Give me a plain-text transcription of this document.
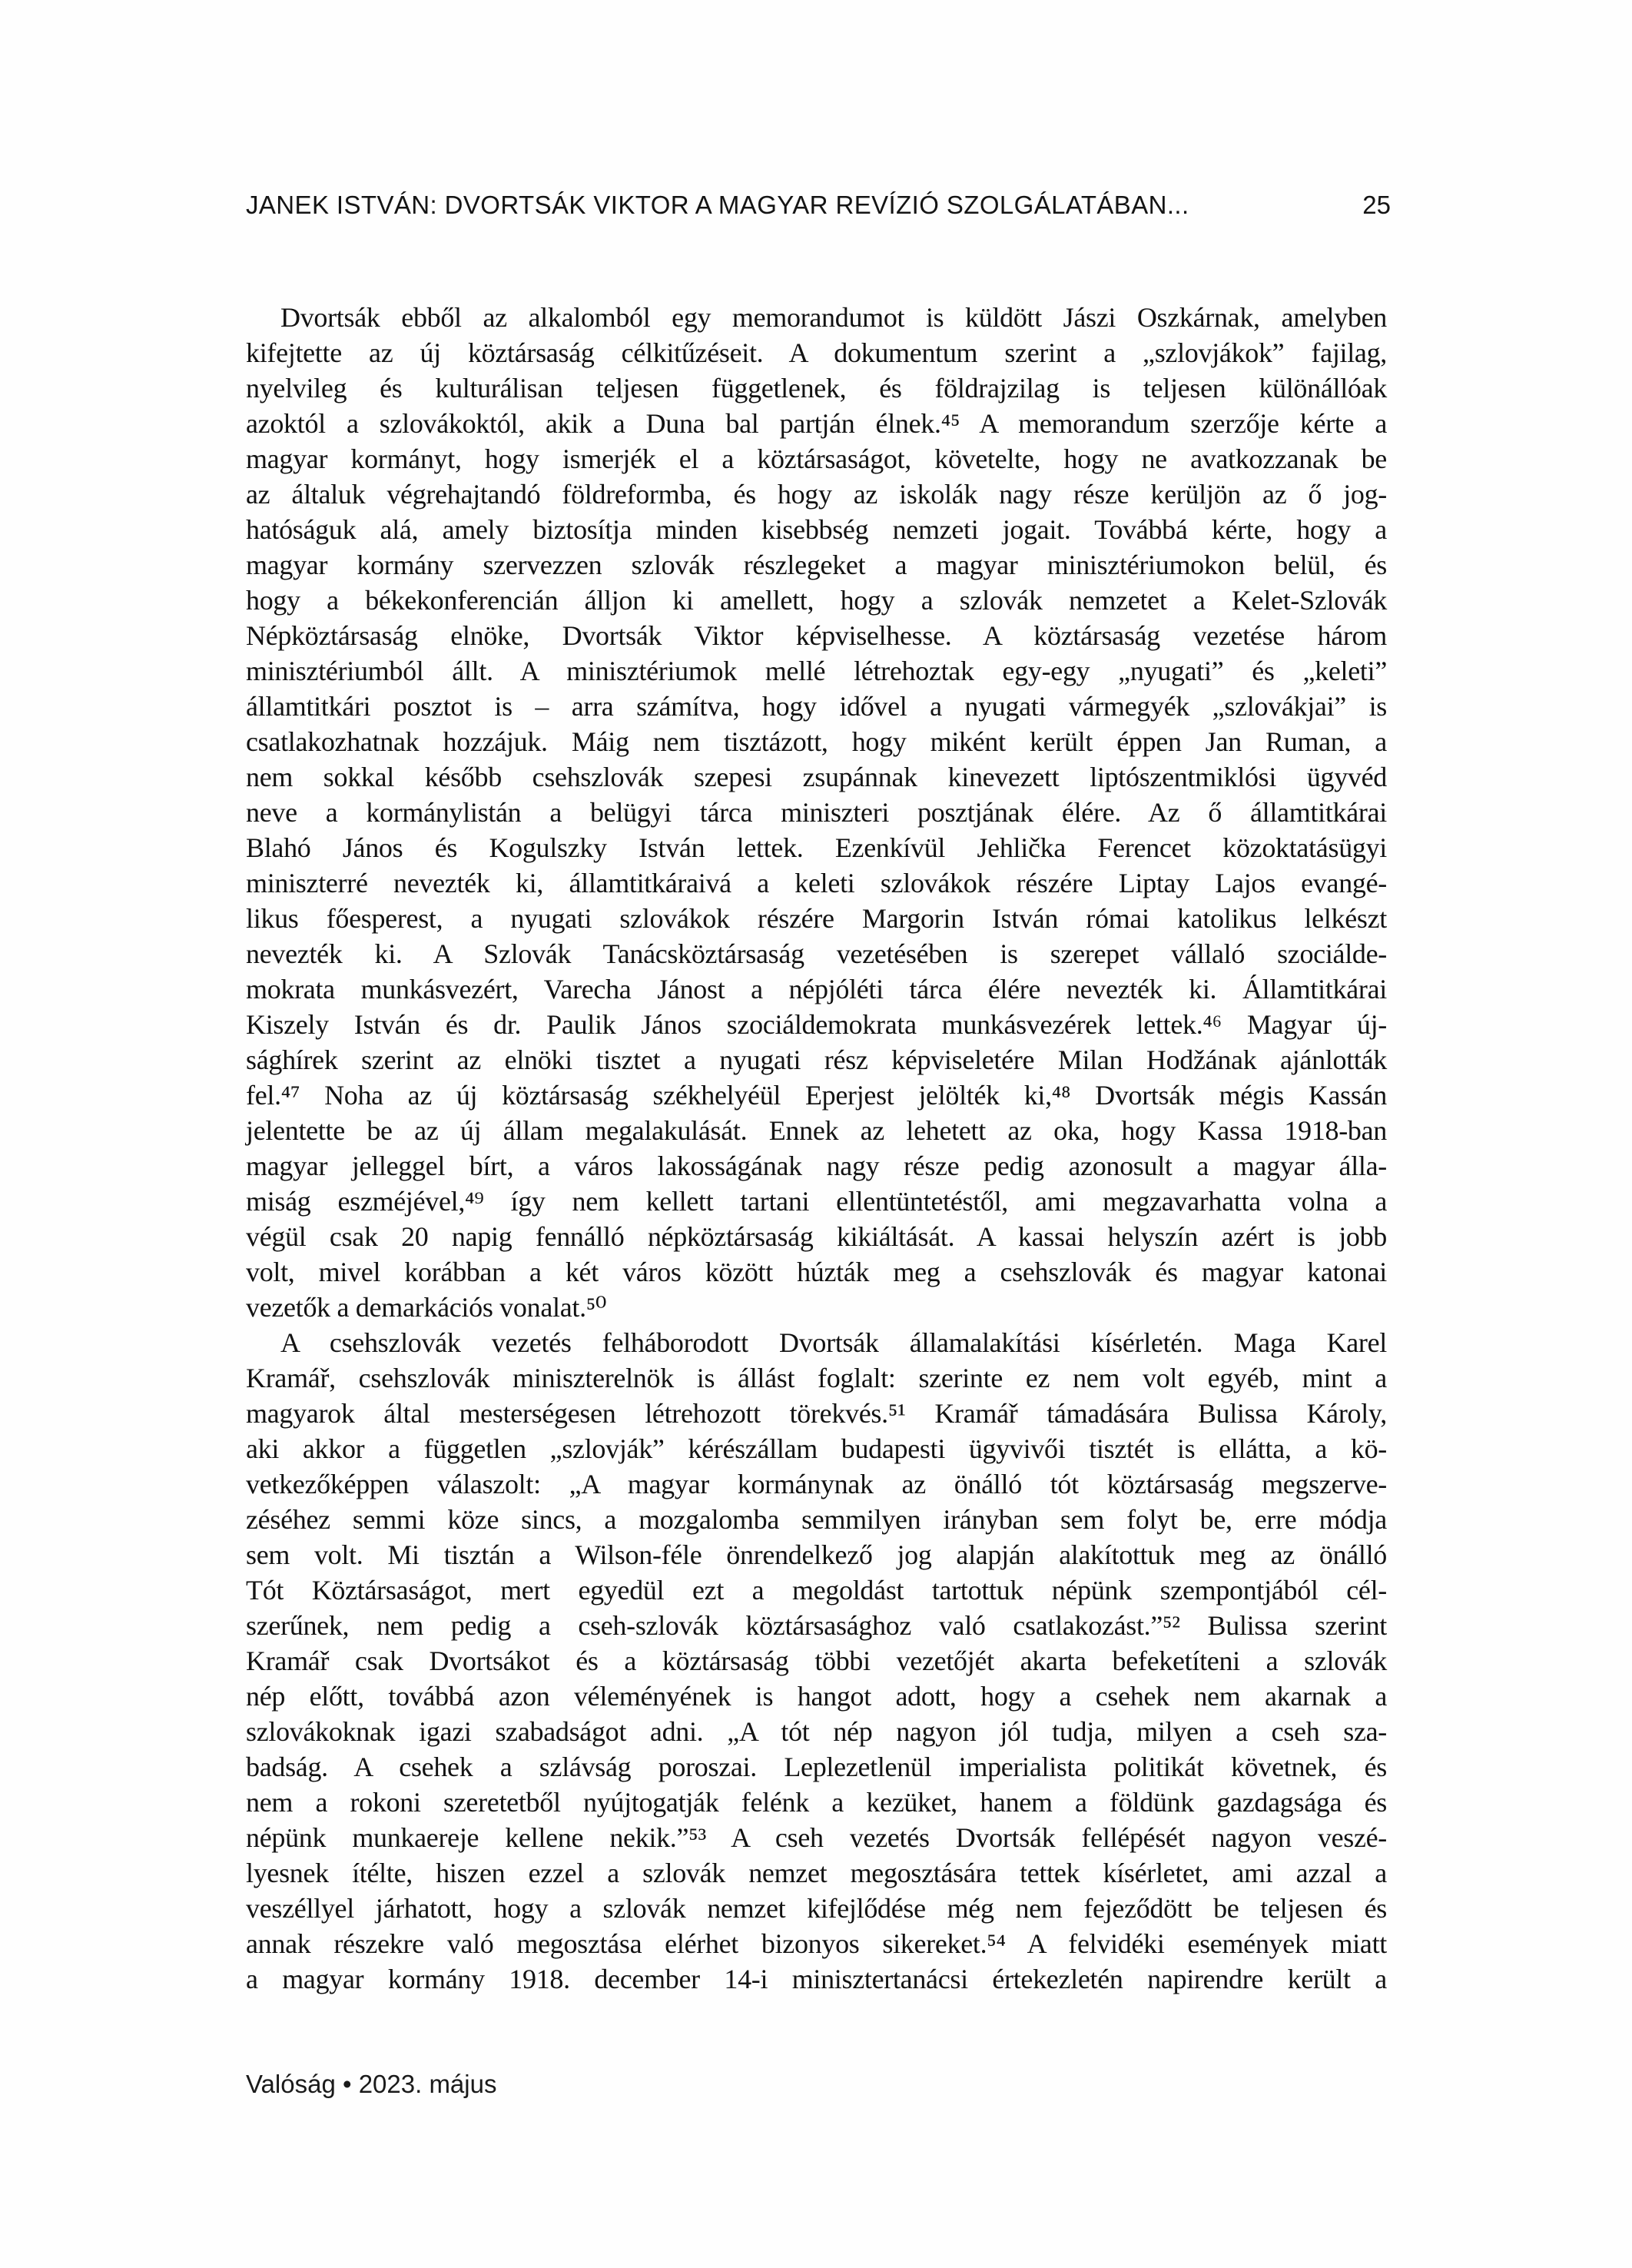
JANEK ISTVÁN: DVORTSÁK VIKTOR A MAGYAR REVÍZIÓ SZOLGÁLATÁBAN...	25
Dvortsák ebből az alkalomból egy memorandumot is küldött Jászi Oszkárnak, amelyben
kifejtette az új köztársaság célkitűzéseit. A dokumentum szerint a „szlovjákok” fajilag,
nyelvileg és kulturálisan teljesen függetlenek, és földrajzilag is teljesen különállóak
azoktól a szlovákoktól, akik a Duna bal partján élnek.⁴⁵ A memorandum szerzője kérte a
magyar kormányt, hogy ismerjék el a köztársaságot, követelte, hogy ne avatkozzanak be
az általuk végrehajtandó földreformba, és hogy az iskolák nagy része kerüljön az ő jog-
hatóságuk alá, amely biztosítja minden kisebbség nemzeti jogait. Továbbá kérte, hogy a
magyar kormány szervezzen szlovák részlegeket a magyar minisztériumokon belül, és
hogy a békekonferencián álljon ki amellett, hogy a szlovák nemzetet a Kelet-Szlovák
Népköztársaság elnöke, Dvortsák Viktor képviselhesse. A köztársaság vezetése három
minisztériumból állt. A minisztériumok mellé létrehoztak egy-egy „nyugati” és „keleti”
államtitkári posztot is – arra számítva, hogy idővel a nyugati vármegyék „szlovákjai” is
csatlakozhatnak hozzájuk. Máig nem tisztázott, hogy miként került éppen Jan Ruman, a
nem sokkal később csehszlovák szepesi zsupánnak kinevezett liptószentmiklósi ügyvéd
neve a kormánylistán a belügyi tárca miniszteri posztjának élére. Az ő államtitkárai
Blahó János és Kogulszky István lettek. Ezenkívül Jehlička Ferencet közoktatásügyi
miniszterré nevezték ki, államtitkáraivá a keleti szlovákok részére Liptay Lajos evangé-
likus főesperest, a nyugati szlovákok részére Margorin István római katolikus lelkészt
nevezték ki. A Szlovák Tanácsköztársaság vezetésében is szerepet vállaló szociálde-
mokrata munkásvezért, Varecha Jánost a népjóléti tárca élére nevezték ki. Államtitkárai
Kiszely István és dr. Paulik János szociáldemokrata munkásvezérek lettek.⁴⁶ Magyar új-
sághírek szerint az elnöki tisztet a nyugati rész képviseletére Milan Hodžának ajánlották
fel.⁴⁷ Noha az új köztársaság székhelyéül Eperjest jelölték ki,⁴⁸ Dvortsák mégis Kassán
jelentette be az új állam megalakulását. Ennek az lehetett az oka, hogy Kassa 1918-ban
magyar jelleggel bírt, a város lakosságának nagy része pedig azonosult a magyar álla-
miság eszméjével,⁴⁹ így nem kellett tartani ellentüntetéstől, ami megzavarhatta volna a
végül csak 20 napig fennálló népköztársaság kikiáltását. A kassai helyszín azért is jobb
volt, mivel korábban a két város között húzták meg a csehszlovák és magyar katonai
vezetők a demarkációs vonalat.⁵⁰
A csehszlovák vezetés felháborodott Dvortsák államalakítási kísérletén. Maga Karel
Kramář, csehszlovák miniszterelnök is állást foglalt: szerinte ez nem volt egyéb, mint a
magyarok által mesterségesen létrehozott törekvés.⁵¹ Kramář támadására Bulissa Károly,
aki akkor a független „szlovják” kérészállam budapesti ügyvivői tisztét is ellátta, a kö-
vetkezőképpen válaszolt: „A magyar kormánynak az önálló tót köztársaság megszerve-
zéséhez semmi köze sincs, a mozgalomba semmilyen irányban sem folyt be, erre módja
sem volt. Mi tisztán a Wilson-féle önrendelkező jog alapján alakítottuk meg az önálló
Tót Köztársaságot, mert egyedül ezt a megoldást tartottuk népünk szempontjából cél-
szerűnek, nem pedig a cseh-szlovák köztársasághoz való csatlakozást.”⁵² Bulissa szerint
Kramář csak Dvortsákot és a köztársaság többi vezetőjét akarta befeketíteni a szlovák
nép előtt, továbbá azon véleményének is hangot adott, hogy a csehek nem akarnak a
szlovákoknak igazi szabadságot adni. „A tót nép nagyon jól tudja, milyen a cseh sza-
badság. A csehek a szlávság poroszai. Leplezetlenül imperialista politikát követnek, és
nem a rokoni szeretetből nyújtogatják felénk a kezüket, hanem a földünk gazdagsága és
népünk munkaereje kellene nekik.”⁵³ A cseh vezetés Dvortsák fellépését nagyon veszé-
lyesnek ítélte, hiszen ezzel a szlovák nemzet megosztására tettek kísérletet, ami azzal a
veszéllyel járhatott, hogy a szlovák nemzet kifejlődése még nem fejeződött be teljesen és
annak részekre való megosztása elérhet bizonyos sikereket.⁵⁴ A felvidéki események miatt
a magyar kormány 1918. december 14-i minisztertanácsi értekezletén napirendre került a
Valóság • 2023. május
